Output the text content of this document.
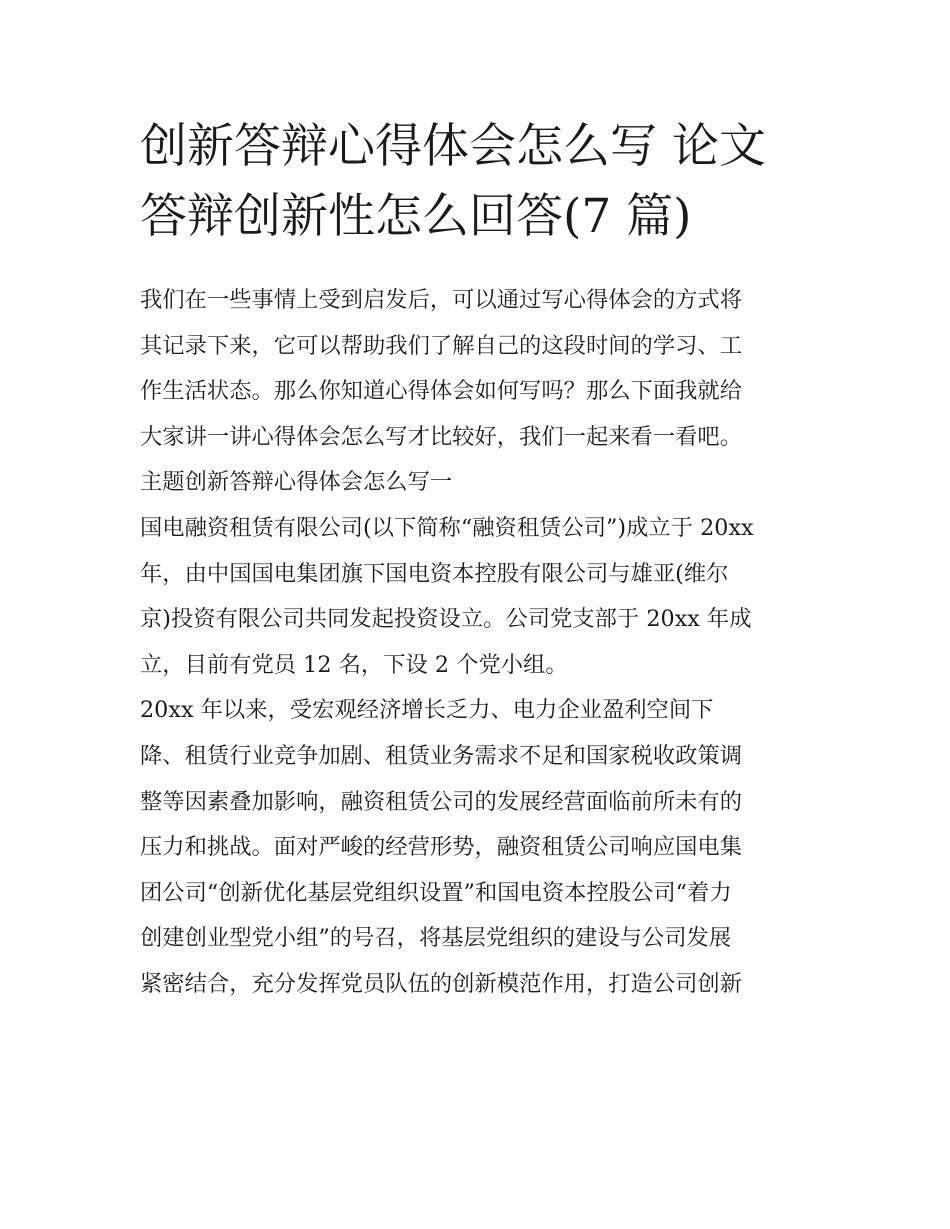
创新答辩心得体会怎么写 论文
答辩创新性怎么回答(7 篇)
我们在一些事情上受到启发后，可以通过写心得体会的方式将
其记录下来，它可以帮助我们了解自己的这段时间的学习、工
作生活状态。那么你知道心得体会如何写吗？那么下面我就给
大家讲一讲心得体会怎么写才比较好，我们一起来看一看吧。
主题创新答辩心得体会怎么写一
国电融资租赁有限公司(以下简称“融资租赁公司”)成立于 20xx
年，由中国国电集团旗下国电资本控股有限公司与雄亚(维尔
京)投资有限公司共同发起投资设立。公司党支部于 20xx 年成
立，目前有党员 12 名，下设 2 个党小组。
20xx 年以来，受宏观经济增长乏力、电力企业盈利空间下
降、租赁行业竞争加剧、租赁业务需求不足和国家税收政策调
整等因素叠加影响，融资租赁公司的发展经营面临前所未有的
压力和挑战。面对严峻的经营形势，融资租赁公司响应国电集
团公司“创新优化基层党组织设置”和国电资本控股公司“着力
创建创业型党小组”的号召，将基层党组织的建设与公司发展
紧密结合，充分发挥党员队伍的创新模范作用，打造公司创新
